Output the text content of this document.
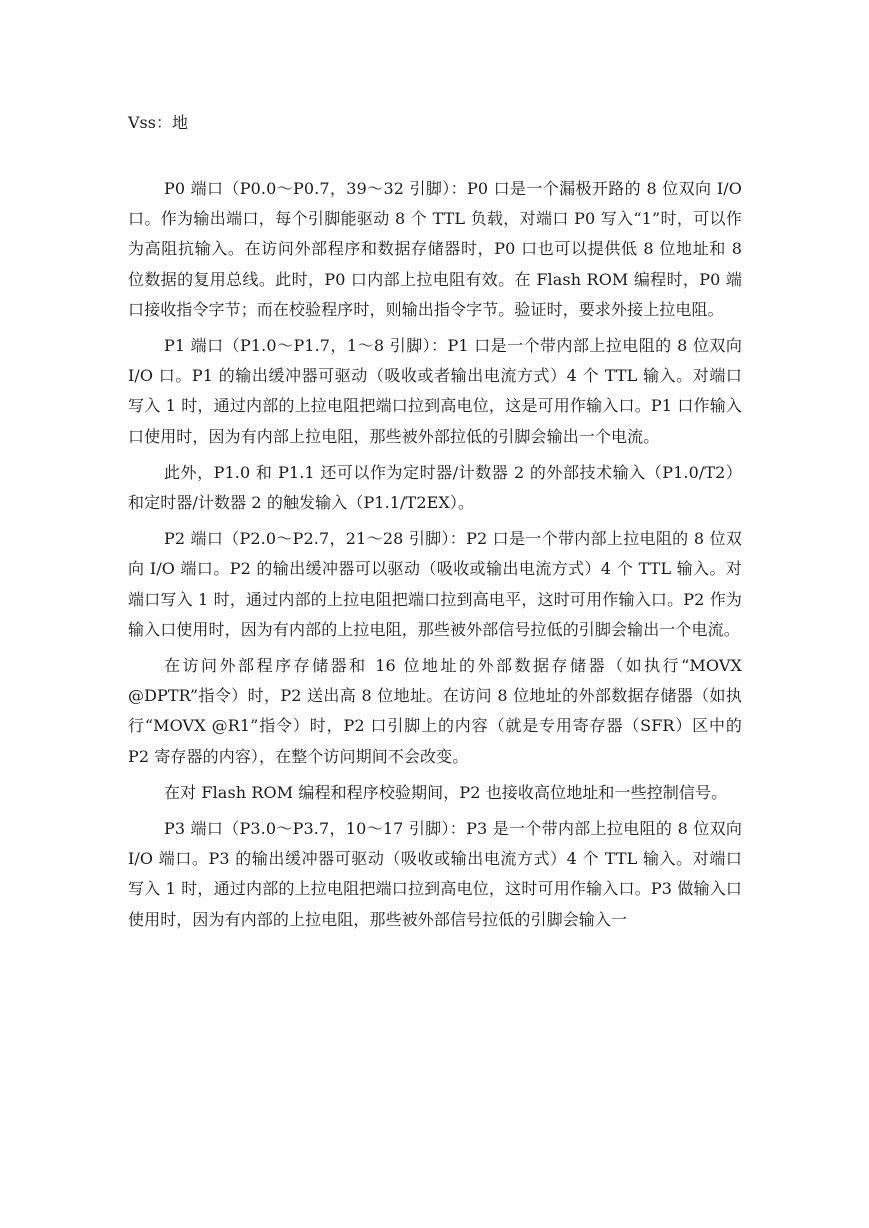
Vss：地

P0 端口（P0.0～P0.7，39～32 引脚）：P0 口是一个漏极开路的 8 位双向 I/O 口。作为输出端口，每个引脚能驱动 8 个 TTL 负载，对端口 P0 写入“1”时，可以作为高阻抗输入。在访问外部程序和数据存储器时，P0 口也可以提供低 8 位地址和 8 位数据的复用总线。此时，P0 口内部上拉电阻有效。在 Flash ROM 编程时，P0 端口接收指令字节；而在校验程序时，则输出指令字节。验证时，要求外接上拉电阻。

P1 端口（P1.0～P1.7，1～8 引脚）：P1 口是一个带内部上拉电阻的 8 位双向 I/O 口。P1 的输出缓冲器可驱动（吸收或者输出电流方式）4 个 TTL 输入。对端口写入 1 时，通过内部的上拉电阻把端口拉到高电位，这是可用作输入口。P1 口作输入口使用时，因为有内部上拉电阻，那些被外部拉低的引脚会输出一个电流。

此外，P1.0 和 P1.1 还可以作为定时器/计数器 2 的外部技术输入（P1.0/T2）和定时器/计数器 2 的触发输入（P1.1/T2EX）。

P2 端口（P2.0～P2.7，21～28 引脚）：P2 口是一个带内部上拉电阻的 8 位双向 I/O 端口。P2 的输出缓冲器可以驱动（吸收或输出电流方式）4 个 TTL 输入。对端口写入 1 时，通过内部的上拉电阻把端口拉到高电平，这时可用作输入口。P2 作为输入口使用时，因为有内部的上拉电阻，那些被外部信号拉低的引脚会输出一个电流。

在访问外部程序存储器和 16 位地址的外部数据存储器（如执行“MOVX @DPTR”指令）时，P2 送出高 8 位地址。在访问 8 位地址的外部数据存储器（如执行“MOVX @R1”指令）时，P2 口引脚上的内容（就是专用寄存器（SFR）区中的 P2 寄存器的内容），在整个访问期间不会改变。

在对 Flash ROM 编程和程序校验期间，P2 也接收高位地址和一些控制信号。

P3 端口（P3.0～P3.7，10～17 引脚）：P3 是一个带内部上拉电阻的 8 位双向 I/O 端口。P3 的输出缓冲器可驱动（吸收或输出电流方式）4 个 TTL 输入。对端口写入 1 时，通过内部的上拉电阻把端口拉到高电位，这时可用作输入口。P3 做输入口使用时，因为有内部的上拉电阻，那些被外部信号拉低的引脚会输入一
